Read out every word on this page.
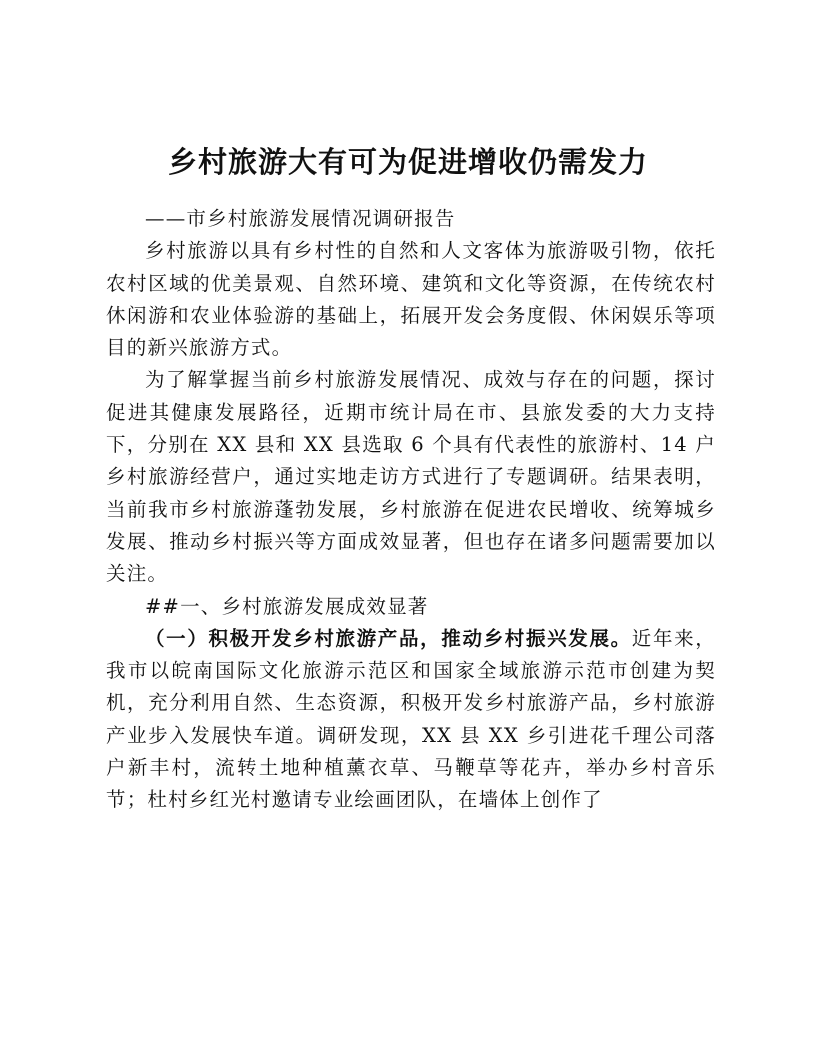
乡村旅游大有可为促进增收仍需发力

——市乡村旅游发展情况调研报告

乡村旅游以具有乡村性的自然和人文客体为旅游吸引物，依托农村区域的优美景观、自然环境、建筑和文化等资源，在传统农村休闲游和农业体验游的基础上，拓展开发会务度假、休闲娱乐等项目的新兴旅游方式。

为了解掌握当前乡村旅游发展情况、成效与存在的问题，探讨促进其健康发展路径，近期市统计局在市、县旅发委的大力支持下，分别在 XX 县和 XX 县选取 6 个具有代表性的旅游村、14 户乡村旅游经营户，通过实地走访方式进行了专题调研。结果表明，当前我市乡村旅游蓬勃发展，乡村旅游在促进农民增收、统筹城乡发展、推动乡村振兴等方面成效显著，但也存在诸多问题需要加以关注。

##一、乡村旅游发展成效显著

（一）积极开发乡村旅游产品，推动乡村振兴发展。近年来，我市以皖南国际文化旅游示范区和国家全域旅游示范市创建为契机，充分利用自然、生态资源，积极开发乡村旅游产品，乡村旅游产业步入发展快车道。调研发现，XX 县 XX 乡引进花千理公司落户新丰村，流转土地种植薰衣草、马鞭草等花卉，举办乡村音乐节；杜村乡红光村邀请专业绘画团队，在墙体上创作了
